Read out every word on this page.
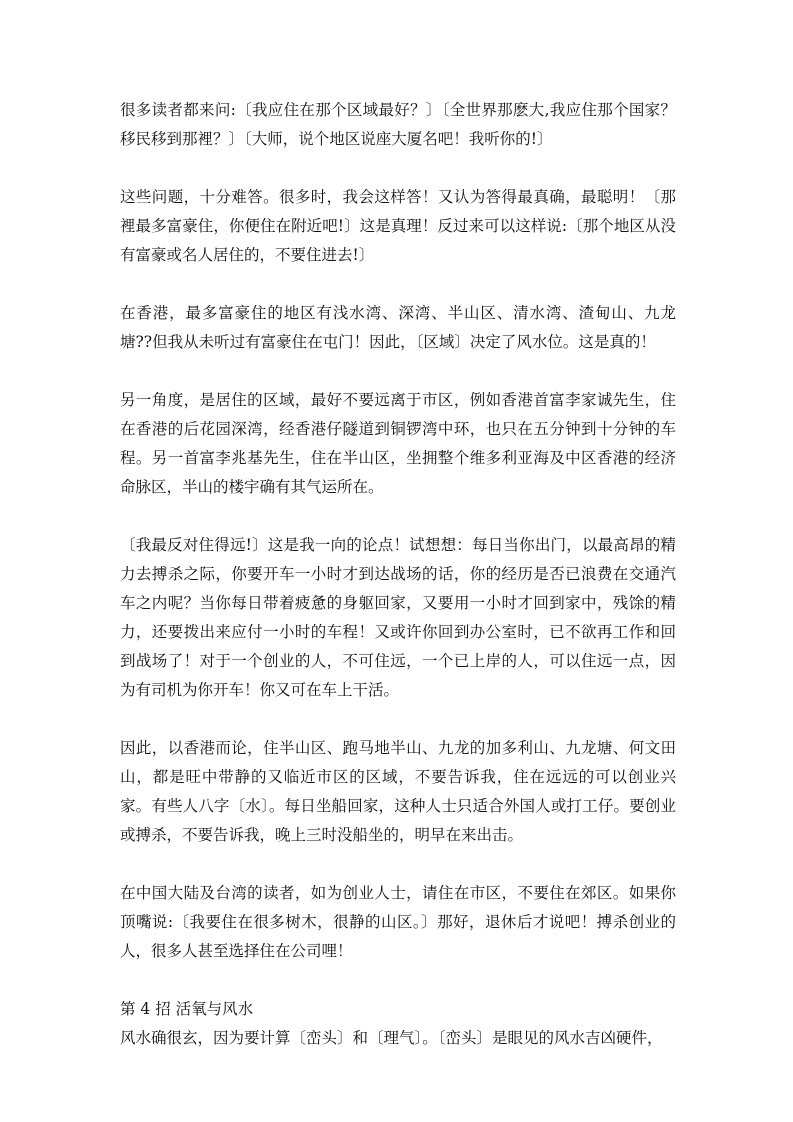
很多读者都来问:〔我应住在那个区域最好？〕〔全世界那麽大,我应住那个国家？移民移到那裡？〕〔大师，说个地区说座大厦名吧！我听你的!〕

这些问题，十分难答。很多时，我会这样答！又认为答得最真确，最聪明！〔那裡最多富豪住，你便住在附近吧!〕这是真理！反过来可以这样说:〔那个地区从没有富豪或名人居住的，不要住进去!〕

在香港，最多富豪住的地区有浅水湾、深湾、半山区、清水湾、渣甸山、九龙塘??但我从未听过有富豪住在屯门！因此，〔区域〕决定了风水位。这是真的！

另一角度，是居住的区域，最好不要远离于市区，例如香港首富李家诚先生，住在香港的后花园深湾，经香港仔隧道到铜锣湾中环，也只在五分钟到十分钟的车程。另一首富李兆基先生，住在半山区，坐拥整个维多利亚海及中区香港的经济命脉区，半山的楼宇确有其气运所在。

〔我最反对住得远!〕这是我一向的论点！试想想：每日当你出门，以最高昂的精力去搏杀之际，你要开车一小时才到达战场的话，你的经历是否已浪费在交通汽车之内呢？当你每日带着疲惫的身躯回家，又要用一小时才回到家中，残馀的精力，还要拨出来应付一小时的车程！又或许你回到办公室时，已不欲再工作和回到战场了！对于一个创业的人，不可住远，一个已上岸的人，可以住远一点，因为有司机为你开车！你又可在车上干活。

因此，以香港而论，住半山区、跑马地半山、九龙的加多利山、九龙塘、何文田山，都是旺中带静的又临近市区的区域，不要告诉我，住在远远的可以创业兴家。有些人八字〔水〕。每日坐船回家，这种人士只适合外国人或打工仔。要创业或搏杀，不要告诉我，晚上三时没船坐的，明早在来出击。

在中国大陆及台湾的读者，如为创业人士，请住在市区，不要住在郊区。如果你顶嘴说:〔我要住在很多树木，很静的山区。〕那好，退休后才说吧！搏杀创业的人，很多人甚至选择住在公司哩！

第 4 招 活氧与风水

风水确很玄，因为要计算〔峦头〕和〔理气〕。〔峦头〕是眼见的风水吉凶硬件，
